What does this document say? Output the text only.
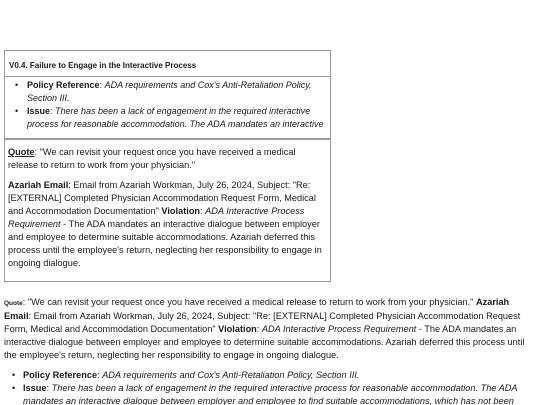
V0.4. Failure to Engage in the Interactive Process
• Policy Reference: ADA requirements and Cox's Anti-Retaliation Policy, Section III.
• Issue: There has been a lack of engagement in the required interactive process for reasonable accommodation. The ADA mandates an interactive

Quote: "We can revisit your request once you have received a medical release to return to work from your physician."

Azariah Email: Email from Azariah Workman, July 26, 2024, Subject: "Re: [EXTERNAL] Completed Physician Accommodation Request Form, Medical and Accommodation Documentation" Violation: ADA Interactive Process Requirement - The ADA mandates an interactive dialogue between employer and employee to determine suitable accommodations. Azariah deferred this process until the employee's return, neglecting her responsibility to engage in ongoing dialogue.

Quote: "We can revisit your request once you have received a medical release to return to work from your physician." Azariah Email: Email from Azariah Workman, July 26, 2024, Subject: "Re: [EXTERNAL] Completed Physician Accommodation Request Form, Medical and Accommodation Documentation" Violation: ADA Interactive Process Requirement - The ADA mandates an interactive dialogue between employer and employee to determine suitable accommodations. Azariah deferred this process until the employee's return, neglecting her responsibility to engage in ongoing dialogue.

• Policy Reference: ADA requirements and Cox's Anti-Retaliation Policy, Section III.
• Issue: There has been a lack of engagement in the required interactive process for reasonable accommodation. The ADA mandates an interactive dialogue between employer and employee to find suitable accommodations, which has not been
